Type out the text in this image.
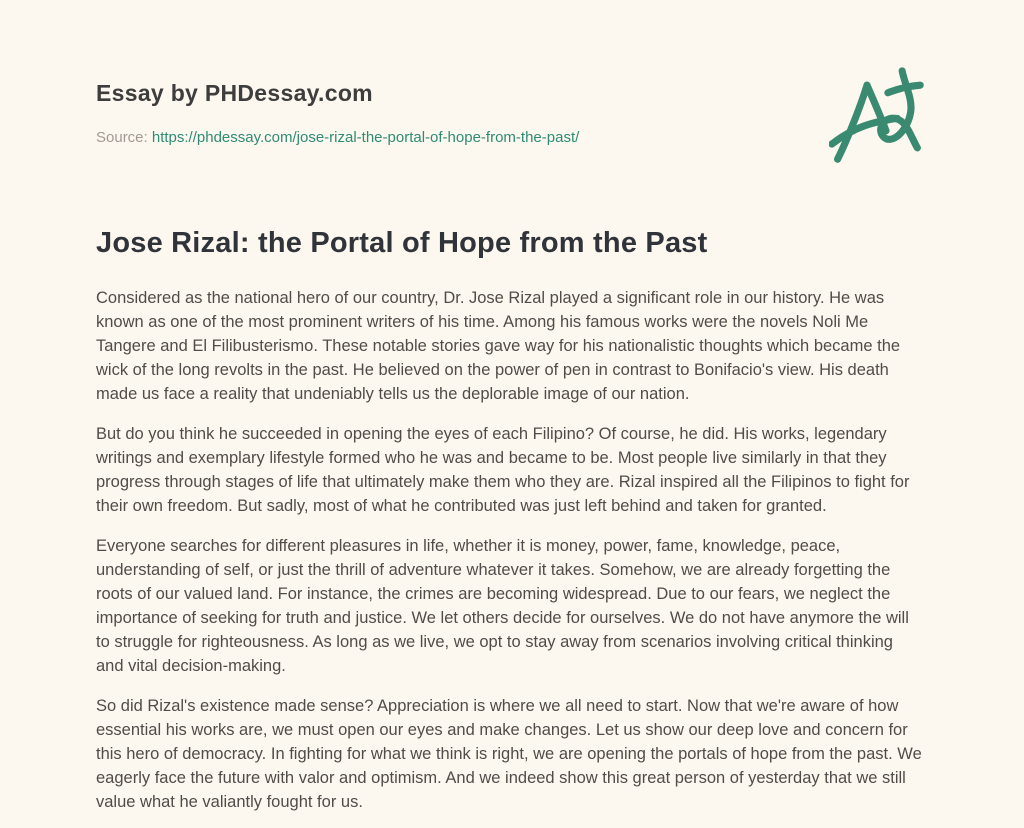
Essay by PHDessay.com
Source: https://phdessay.com/jose-rizal-the-portal-of-hope-from-the-past/
Jose Rizal: the Portal of Hope from the Past

Considered as the national hero of our country, Dr. Jose Rizal played a significant role in our history. He was known as one of the most prominent writers of his time. Among his famous works were the novels Noli Me Tangere and El Filibusterismo. These notable stories gave way for his nationalistic thoughts which became the wick of the long revolts in the past. He believed on the power of pen in contrast to Bonifacio's view. His death made us face a reality that undeniably tells us the deplorable image of our nation.

But do you think he succeeded in opening the eyes of each Filipino? Of course, he did. His works, legendary writings and exemplary lifestyle formed who he was and became to be. Most people live similarly in that they progress through stages of life that ultimately make them who they are. Rizal inspired all the Filipinos to fight for their own freedom. But sadly, most of what he contributed was just left behind and taken for granted.

Everyone searches for different pleasures in life, whether it is money, power, fame, knowledge, peace, understanding of self, or just the thrill of adventure whatever it takes. Somehow, we are already forgetting the roots of our valued land. For instance, the crimes are becoming widespread. Due to our fears, we neglect the importance of seeking for truth and justice. We let others decide for ourselves. We do not have anymore the will to struggle for righteousness. As long as we live, we opt to stay away from scenarios involving critical thinking and vital decision-making.

So did Rizal's existence made sense? Appreciation is where we all need to start. Now that we're aware of how essential his works are, we must open our eyes and make changes. Let us show our deep love and concern for this hero of democracy. In fighting for what we think is right, we are opening the portals of hope from the past. We eagerly face the future with valor and optimism. And we indeed show this great person of yesterday that we still value what he valiantly fought for us.
